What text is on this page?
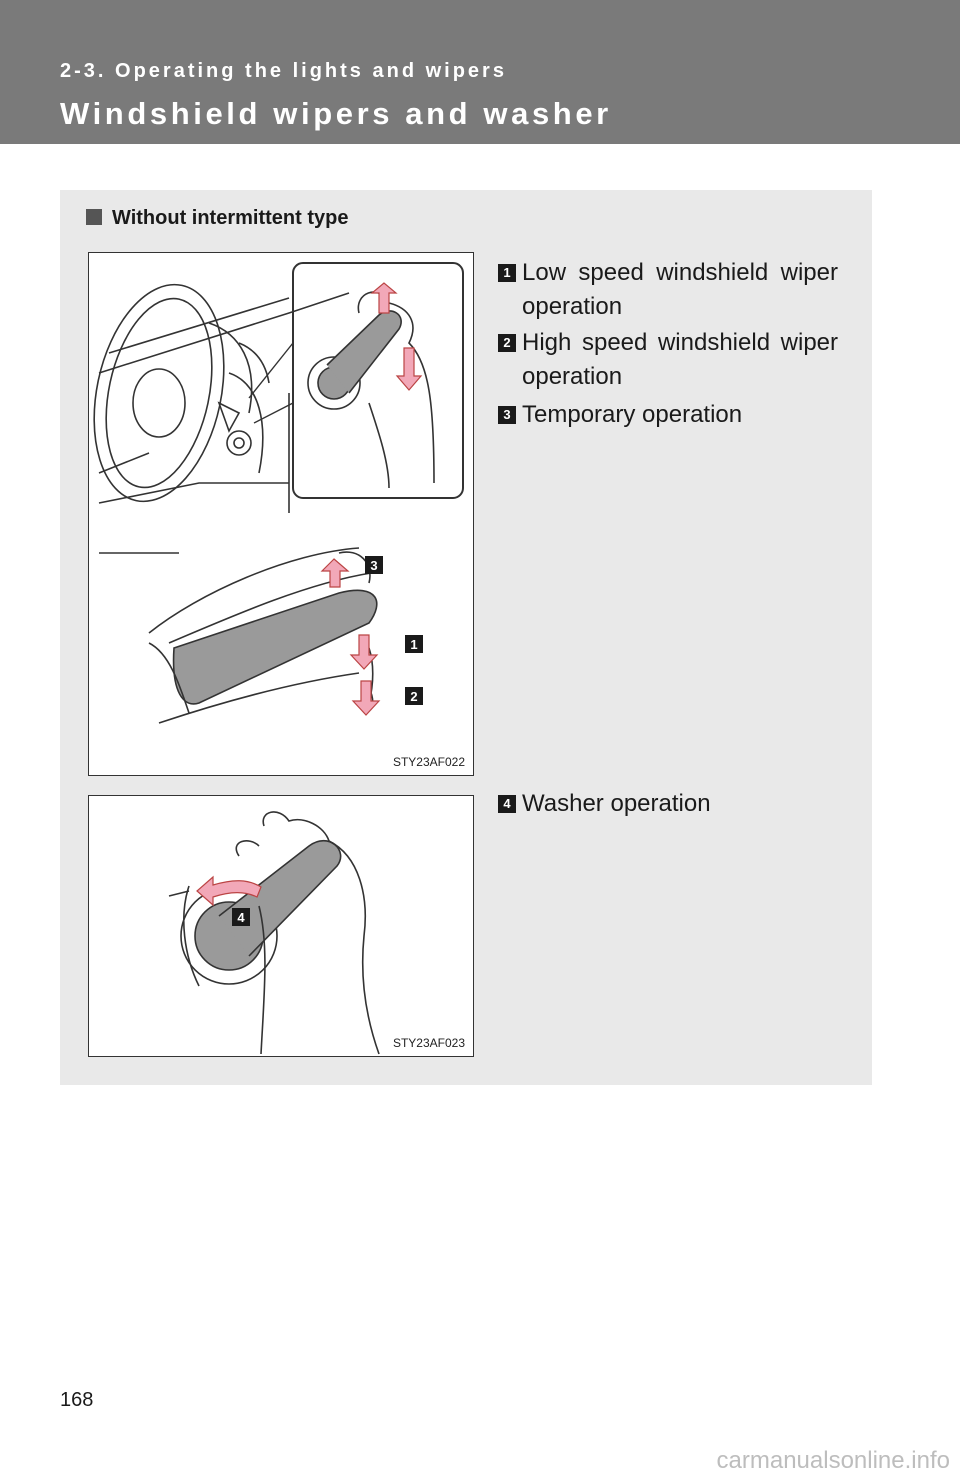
2-3. Operating the lights and wipers
Windshield wipers and washer
Without intermittent type
3
1
2
STY23AF022
4
STY23AF023
1 Low speed windshield wiper operation
2 High speed windshield wiper operation
3 Temporary operation
4 Washer operation
168
carmanualsonline.info
